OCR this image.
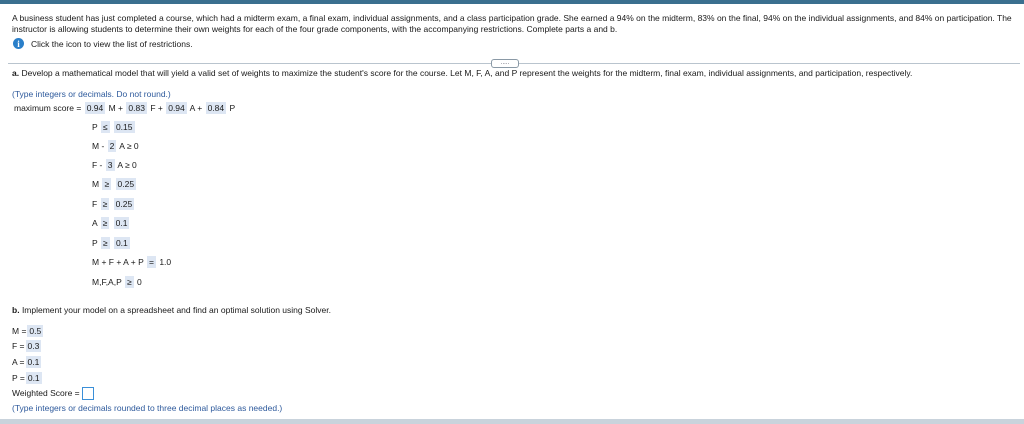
A business student has just completed a course, which had a midterm exam, a final exam, individual assignments, and a class participation grade. She earned a 94% on the midterm, 83% on the final, 94% on the individual assignments, and 84% on participation. The instructor is allowing students to determine their own weights for each of the four grade components, with the accompanying restrictions. Complete parts a and b.
i	Click the icon to view the list of restrictions.
.....
a. Develop a mathematical model that will yield a valid set of weights to maximize the student's score for the course. Let M, F, A, and P represent the weights for the midterm, final exam, individual assignments, and participation, respectively.
(Type integers or decimals. Do not round.)
maximum score = 0.94 M + 0.83 F + 0.94 A + 0.84 P
P ≤ 0.15
M - 2 A ≥ 0
F - 3 A ≥ 0
M ≥ 0.25
F ≥ 0.25
A ≥ 0.1
P ≥ 0.1
M + F + A + P = 1.0
M,F,A,P ≥ 0
b. Implement your model on a spreadsheet and find an optimal solution using Solver.
M = 0.5
F = 0.3
A = 0.1
P = 0.1
Weighted Score =
(Type integers or decimals rounded to three decimal places as needed.)
